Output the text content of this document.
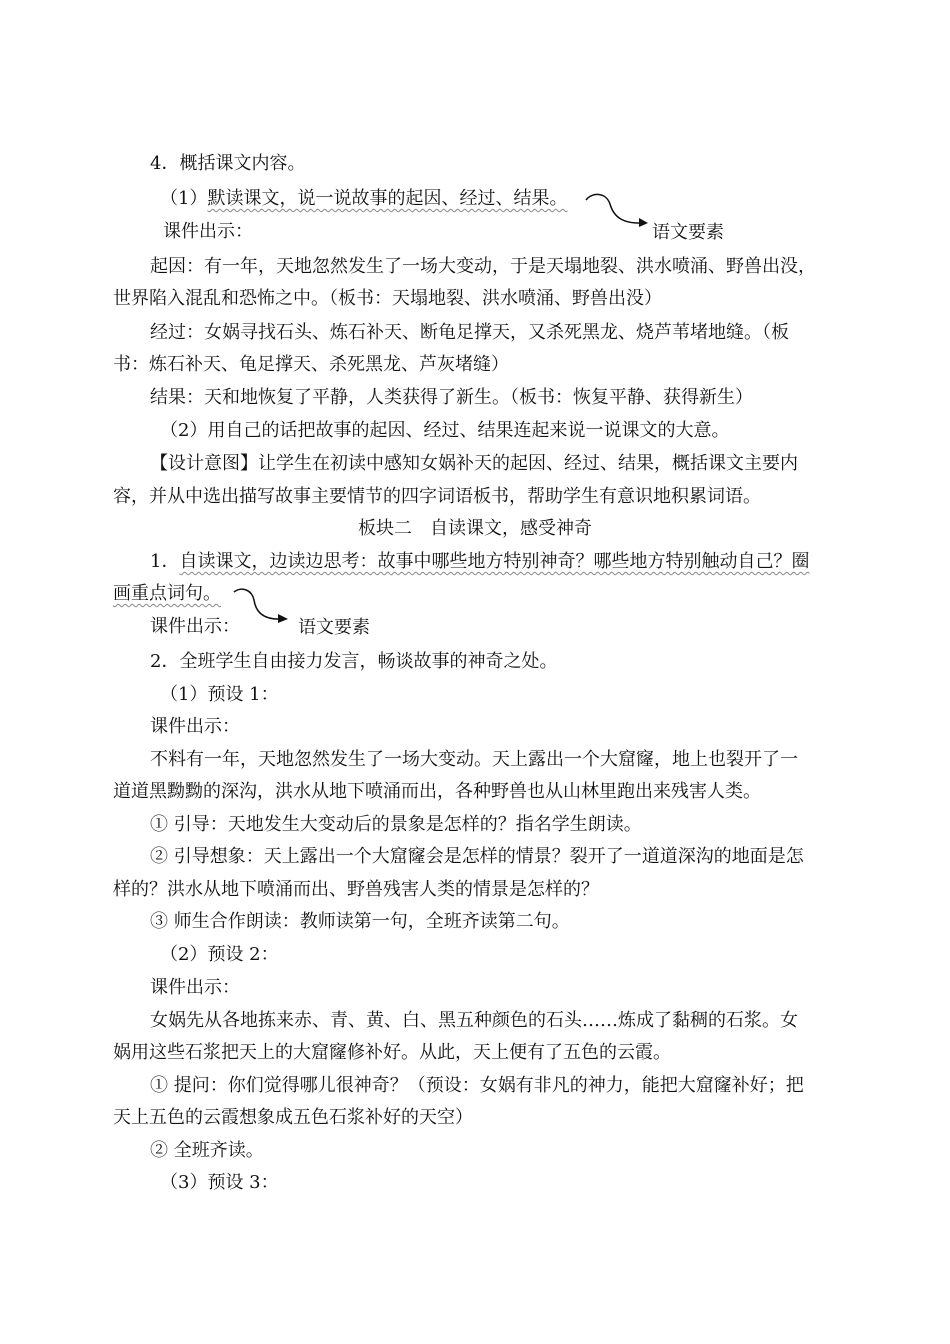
4．概括课文内容。
（1）默读课文，说一说故事的起因、经过、结果。
课件出示：	语文要素
起因：有一年，天地忽然发生了一场大变动，于是天塌地裂、洪水喷涌、野兽出没，
世界陷入混乱和恐怖之中。（板书：天塌地裂、洪水喷涌、野兽出没）
经过：女娲寻找石头、炼石补天、断龟足撑天，又杀死黑龙、烧芦苇堵地缝。（板
书：炼石补天、龟足撑天、杀死黑龙、芦灰堵缝）
结果：天和地恢复了平静，人类获得了新生。（板书：恢复平静、获得新生）
（2）用自己的话把故事的起因、经过、结果连起来说一说课文的大意。
【设计意图】让学生在初读中感知女娲补天的起因、经过、结果，概括课文主要内
容，并从中选出描写故事主要情节的四字词语板书，帮助学生有意识地积累词语。
板块二　自读课文，感受神奇
1．自读课文，边读边思考：故事中哪些地方特别神奇？哪些地方特别触动自己？圈
画重点词句。
课件出示：	语文要素
2．全班学生自由接力发言，畅谈故事的神奇之处。
（1）预设 1：
课件出示：
不料有一年，天地忽然发生了一场大变动。天上露出一个大窟窿，地上也裂开了一
道道黑黝黝的深沟，洪水从地下喷涌而出，各种野兽也从山林里跑出来残害人类。
① 引导：天地发生大变动后的景象是怎样的？指名学生朗读。
② 引导想象：天上露出一个大窟窿会是怎样的情景？裂开了一道道深沟的地面是怎
样的？洪水从地下喷涌而出、野兽残害人类的情景是怎样的？
③ 师生合作朗读：教师读第一句，全班齐读第二句。
（2）预设 2：
课件出示：
女娲先从各地拣来赤、青、黄、白、黑五种颜色的石头……炼成了黏稠的石浆。女
娲用这些石浆把天上的大窟窿修补好。从此，天上便有了五色的云霞。
① 提问：你们觉得哪儿很神奇？（预设：女娲有非凡的神力，能把大窟窿补好；把
天上五色的云霞想象成五色石浆补好的天空）
② 全班齐读。
（3）预设 3：
